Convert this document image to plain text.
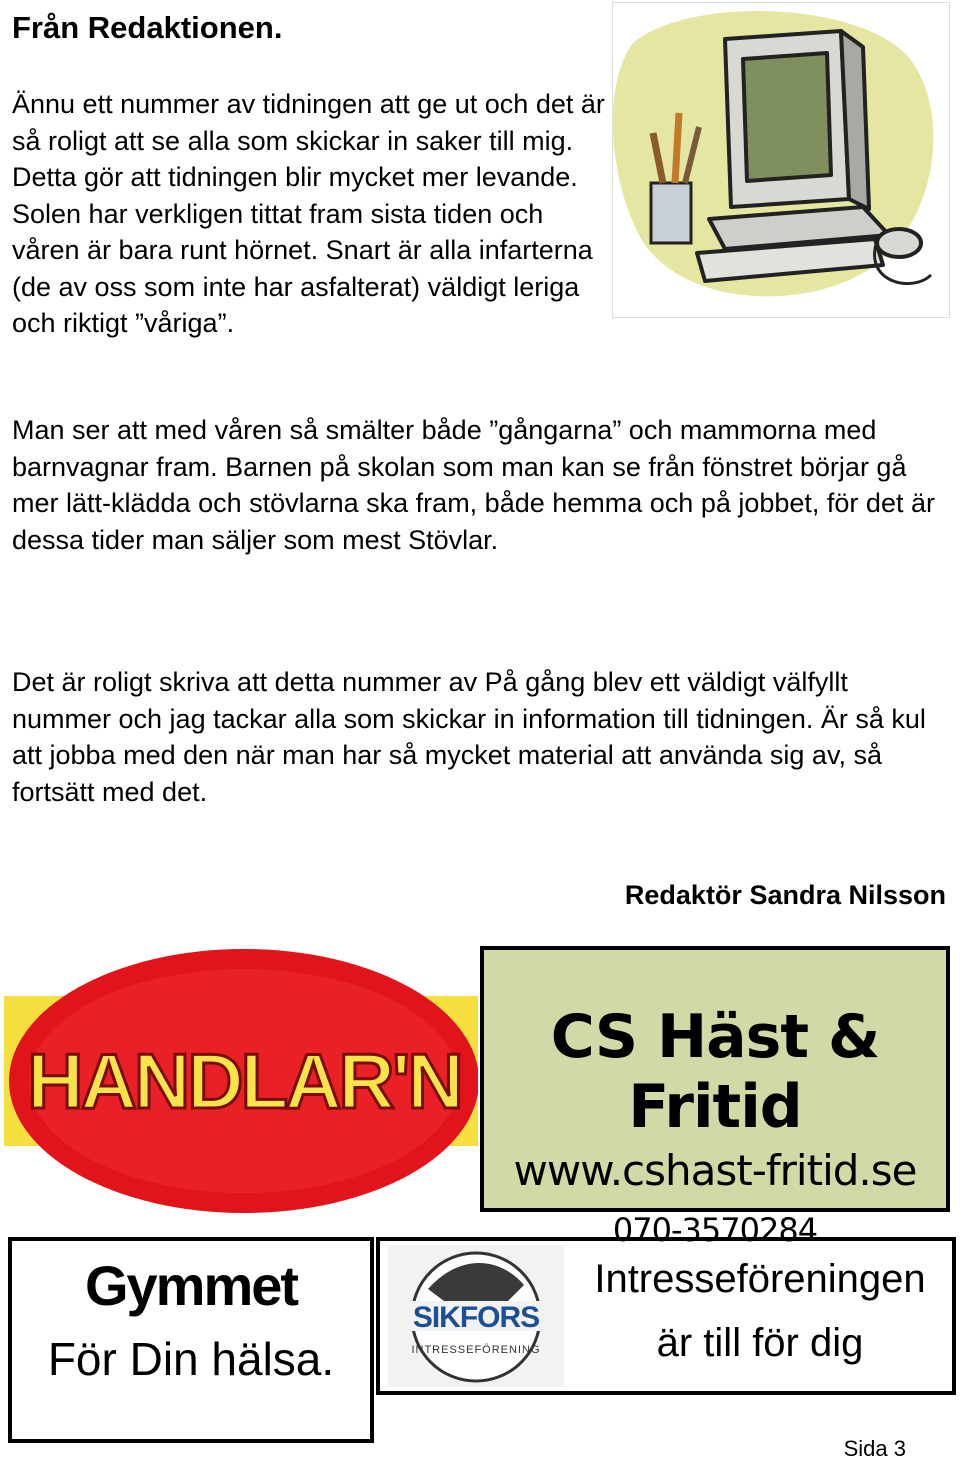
Från Redaktionen.

Ännu ett nummer av tidningen att ge ut och det är så roligt att se alla som skickar in saker till mig. Detta gör att tidningen blir mycket mer levande. Solen har verkligen tittat fram sista tiden och våren är bara runt hörnet. Snart är alla infarterna (de av oss som inte har asfalterat) väldigt leriga och riktigt ”våriga”.

Man ser att med våren så smälter både ”gångarna” och mammorna med barnvagnar fram. Barnen på skolan som man kan se från fönstret börjar gå mer lätt-klädda och stövlarna ska fram, både hemma och på jobbet, för det är dessa tider man säljer som mest Stövlar.

Det är roligt skriva att detta nummer av På gång blev ett väldigt välfyllt nummer och jag tackar alla som skickar in information till tidningen. Är så kul att jobba med den när man har så mycket material att använda sig av, så fortsätt med det.

Redaktör Sandra Nilsson
HANDLAR'N	CS Häst & Fritid
www.cshast-fritid.se
070-3570284
Gymmet
För Din hälsa.
SIKFORS
INTRESSEFÖRENING
Intresseföreningen
är till för dig
Sida 3
